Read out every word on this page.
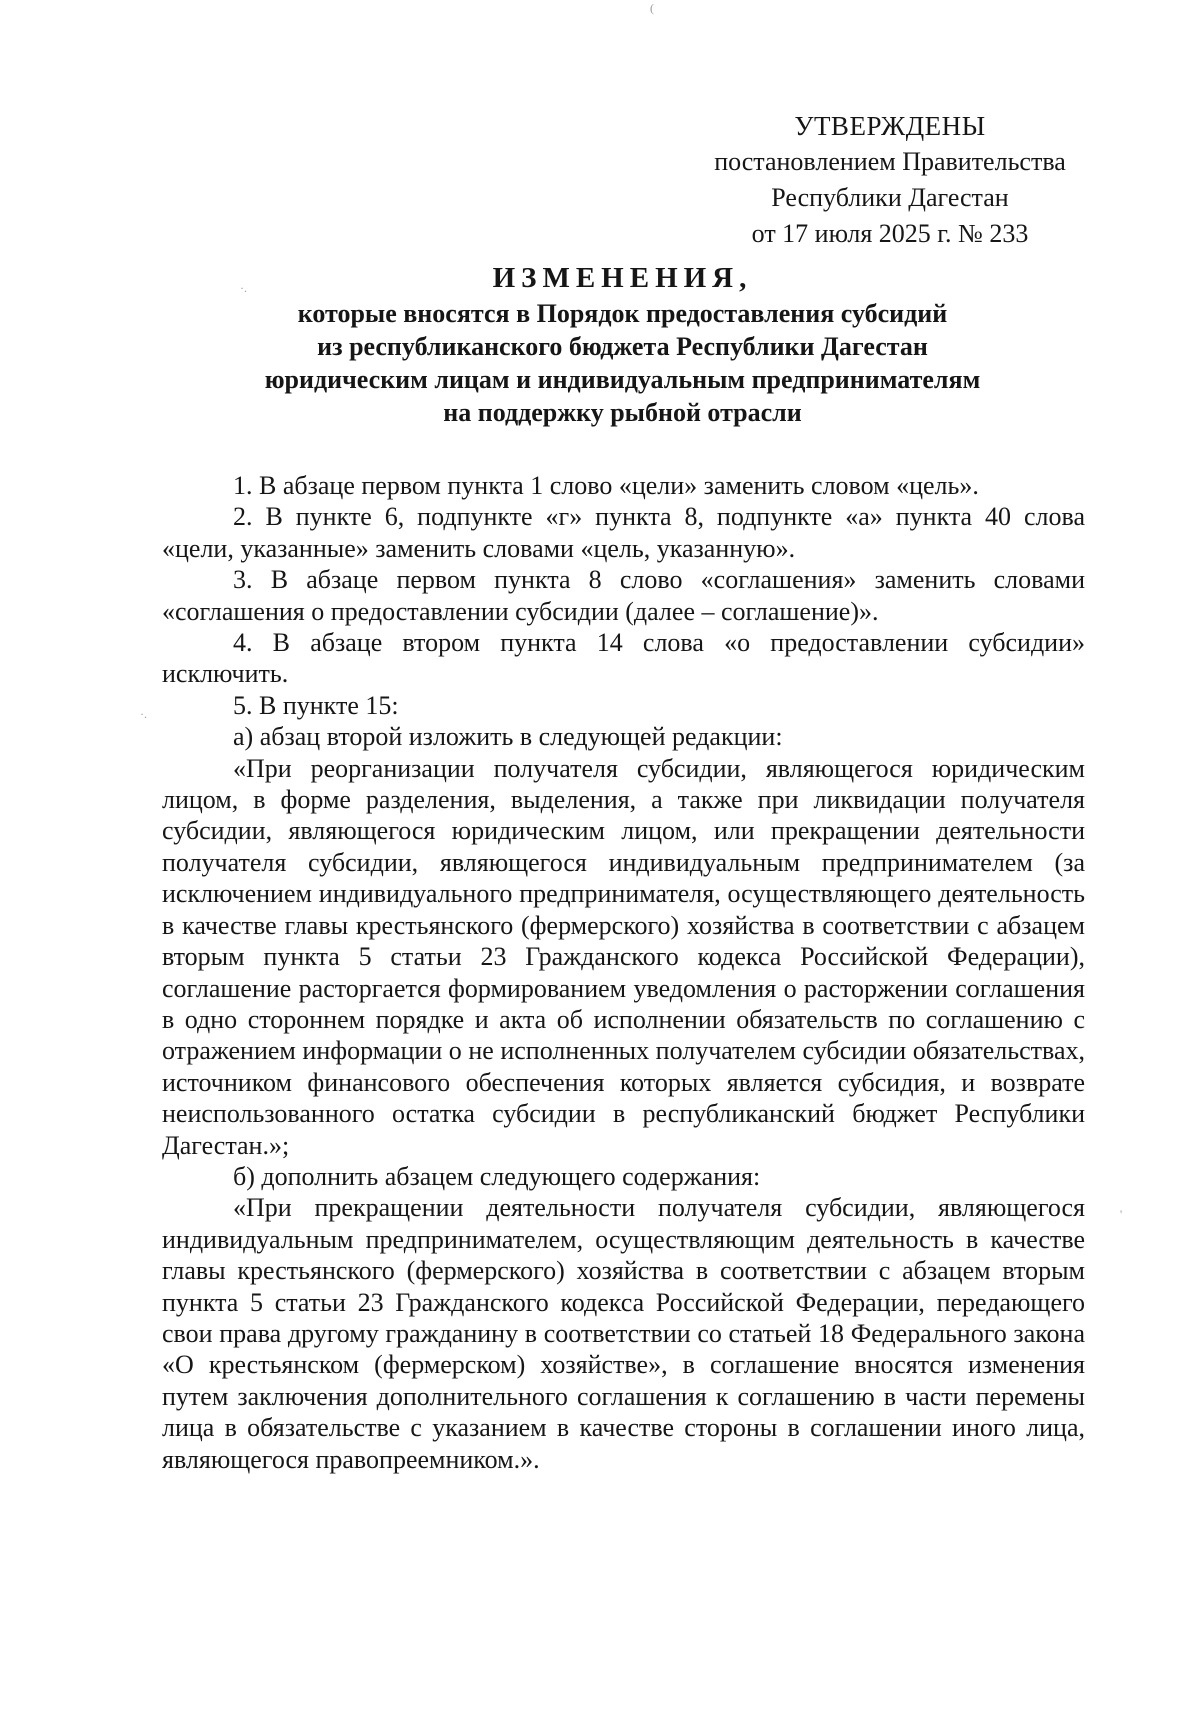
УТВЕРЖДЕНЫ
постановлением Правительства
Республики Дагестан
от 17 июля 2025 г. № 233
ИЗМЕНЕНИЯ,
которые вносятся в Порядок предоставления субсидий
из республиканского бюджета Республики Дагестан
юридическим лицам и индивидуальным предпринимателям
на поддержку рыбной отрасли

1. В абзаце первом пункта 1 слово «цели» заменить словом «цель».

2. В пункте 6, подпункте «г» пункта 8, подпункте «а» пункта 40 слова «цели, указанные» заменить словами «цель, указанную».

3. В абзаце первом пункта 8 слово «соглашения» заменить словами «соглашения о предоставлении субсидии (далее – соглашение)».

4. В абзаце втором пункта 14 слова «о предоставлении субсидии» исключить.

5. В пункте 15:

а) абзац второй изложить в следующей редакции:

«При реорганизации получателя субсидии, являющегося юридическим лицом, в форме разделения, выделения, а также при ликвидации получателя субсидии, являющегося юридическим лицом, или прекращении деятельности получателя субсидии, являющегося индивидуальным предпринимателем (за исключением индивидуального предпринимателя, осуществляющего деятельность в качестве главы крестьянского (фермерского) хозяйства в соответствии с абзацем вторым пункта 5 статьи 23 Гражданского кодекса Российской Федерации), соглашение расторгается формированием уведомления о расторжении соглашения в одно стороннем порядке и акта об исполнении обязательств по соглашению с отражением информации о не исполненных получателем субсидии обязательствах, источником финансового обеспечения которых является субсидия, и возврате неиспользованного остатка субсидии в республиканский бюджет Республики Дагестан.»;

б) дополнить абзацем следующего содержания:

«При прекращении деятельности получателя субсидии, являющегося индивидуальным предпринимателем, осуществляющим деятельность в качестве главы крестьянского (фермерского) хозяйства в соответствии с абзацем вторым пункта 5 статьи 23 Гражданского кодекса Российской Федерации, передающего свои права другому гражданину в соответствии со статьей 18 Федерального закона «О крестьянском (фермерском) хозяйстве», в соглашение вносятся изменения путем заключения дополнительного соглашения к соглашению в части перемены лица в обязательстве с указанием в качестве стороны в соглашении иного лица, являющегося правопреемником.».

(
·.
·.
'
